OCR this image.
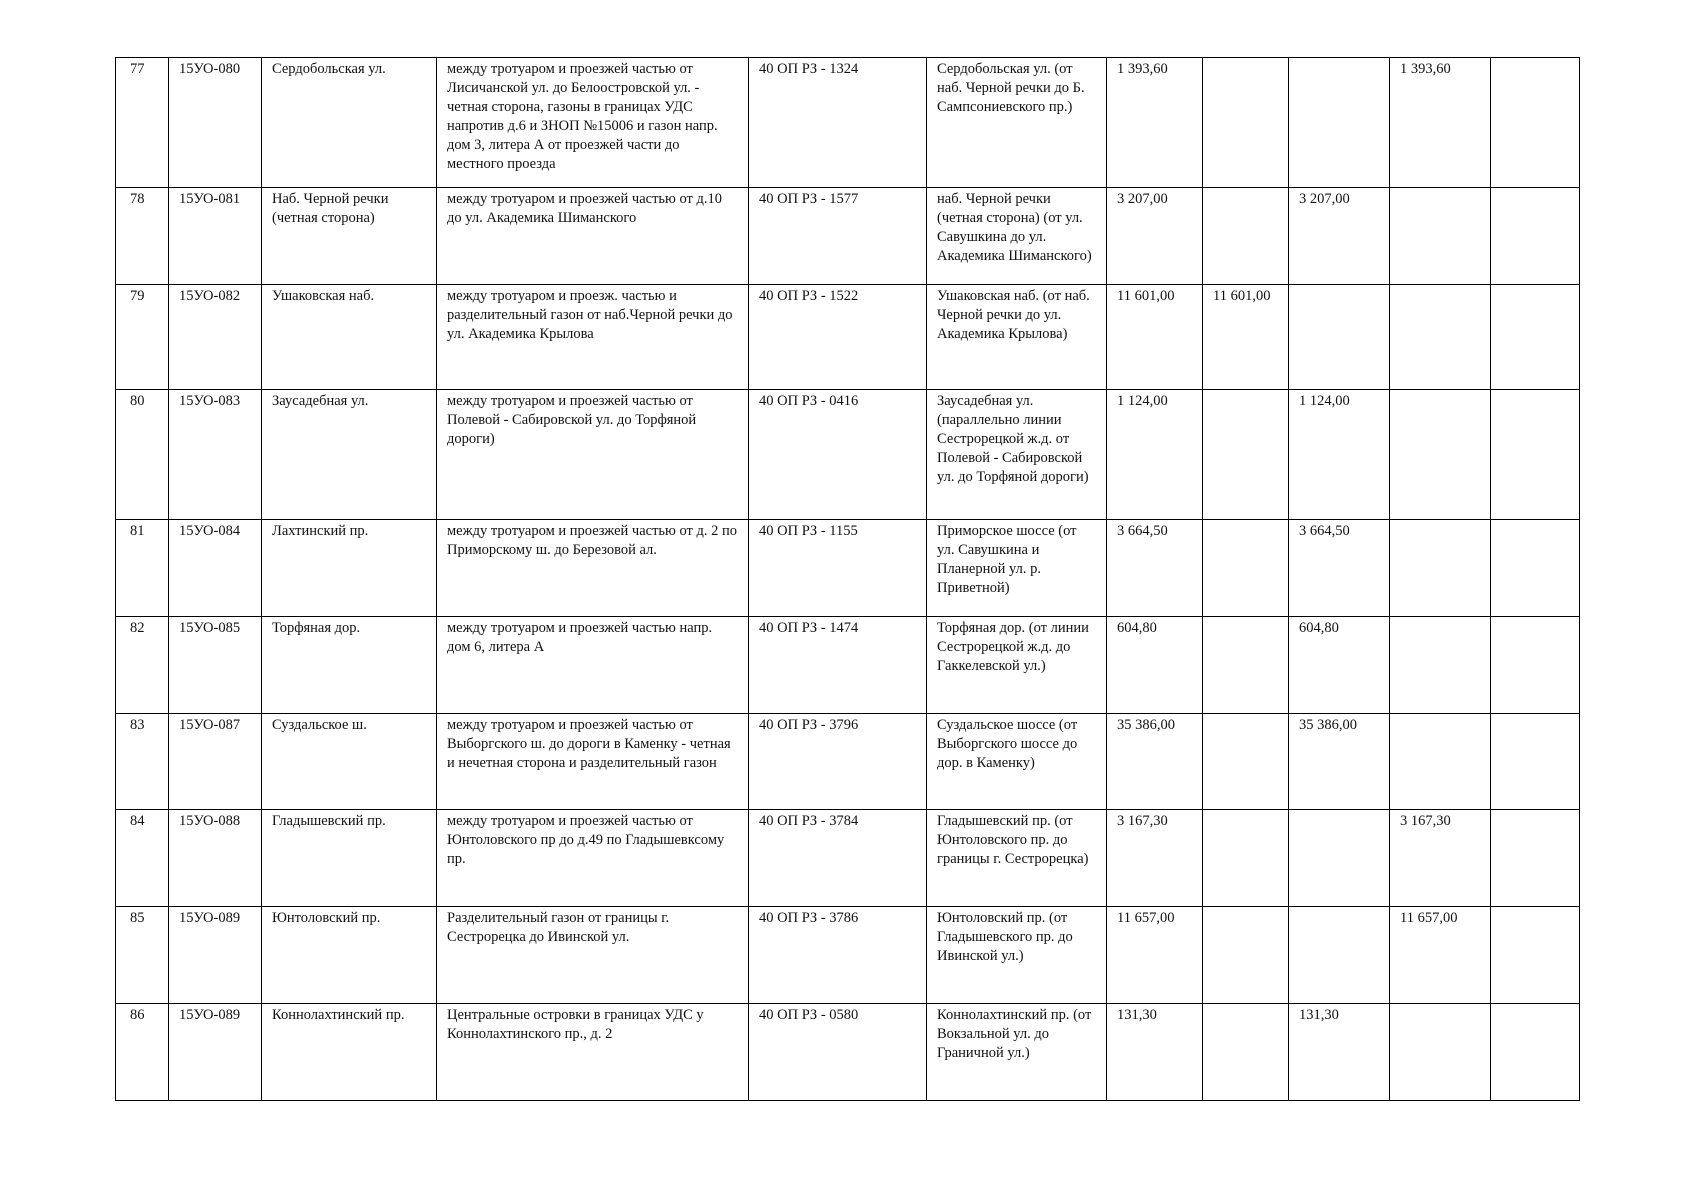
77	15УО-080	Сердобольская ул.	между тротуаром и проезжей частью от Лисичанской ул. до Белоостровской ул. - четная сторона, газоны в границах УДС напротив д.6 и ЗНОП №15006 и газон напр. дом 3, литера А от проезжей части до местного проезда	40 ОП РЗ - 1324	Сердобольская ул. (от наб. Черной речки до Б. Сампсониевского пр.)	1 393,60			1 393,60	
78	15УО-081	Наб. Черной речки (четная сторона)	между тротуаром и проезжей частью от д.10 до ул. Академика Шиманского	40 ОП РЗ - 1577	наб. Черной речки (четная сторона) (от ул. Савушкина до ул. Академика Шиманского)	3 207,00		3 207,00		
79	15УО-082	Ушаковская наб.	между тротуаром и проезж. частью и разделительный газон от наб.Черной речки до ул. Академика Крылова	40 ОП РЗ - 1522	Ушаковская наб. (от наб. Черной речки до ул. Академика Крылова)	11 601,00	11 601,00			
80	15УО-083	Заусадебная ул.	между тротуаром и проезжей частью от Полевой - Сабировской ул. до Торфяной дороги)	40 ОП РЗ - 0416	Заусадебная ул. (параллельно линии Сестрорецкой ж.д. от Полевой - Сабировской ул. до Торфяной дороги)	1 124,00		1 124,00		
81	15УО-084	Лахтинский пр.	между тротуаром и проезжей частью от д. 2 по Приморскому ш. до Березовой ал.	40 ОП РЗ - 1155	Приморское шоссе (от ул. Савушкина и Планерной ул. р. Приветной)	3 664,50		3 664,50		
82	15УО-085	Торфяная дор.	между тротуаром и проезжей частью напр. дом 6, литера А	40 ОП РЗ - 1474	Торфяная дор. (от линии Сестрорецкой ж.д. до Гаккелевской ул.)	604,80		604,80		
83	15УО-087	Суздальское ш.	между тротуаром и проезжей частью от Выборгского ш. до дороги в Каменку - четная и нечетная сторона и разделительный газон	40 ОП РЗ - 3796	Суздальское шоссе (от Выборгского шоссе до дор. в Каменку)	35 386,00		35 386,00		
84	15УО-088	Гладышевский пр.	между тротуаром и проезжей частью от Юнтоловского пр до д.49 по Гладышевксому пр.	40 ОП РЗ - 3784	Гладышевский пр. (от Юнтоловского пр. до границы г. Сестрорецка)	3 167,30			3 167,30	
85	15УО-089	Юнтоловский пр.	Разделительный газон от границы г. Сестрорецка до Ивинской ул.	40 ОП РЗ - 3786	Юнтоловский пр. (от Гладышевского пр. до Ивинской ул.)	11 657,00			11 657,00	
86	15УО-089	Коннолахтинский пр.	Центральные островки в границах УДС у Коннолахтинского пр., д. 2	40 ОП РЗ - 0580	Коннолахтинский пр. (от Вокзальной ул. до Граничной ул.)	131,30		131,30		
